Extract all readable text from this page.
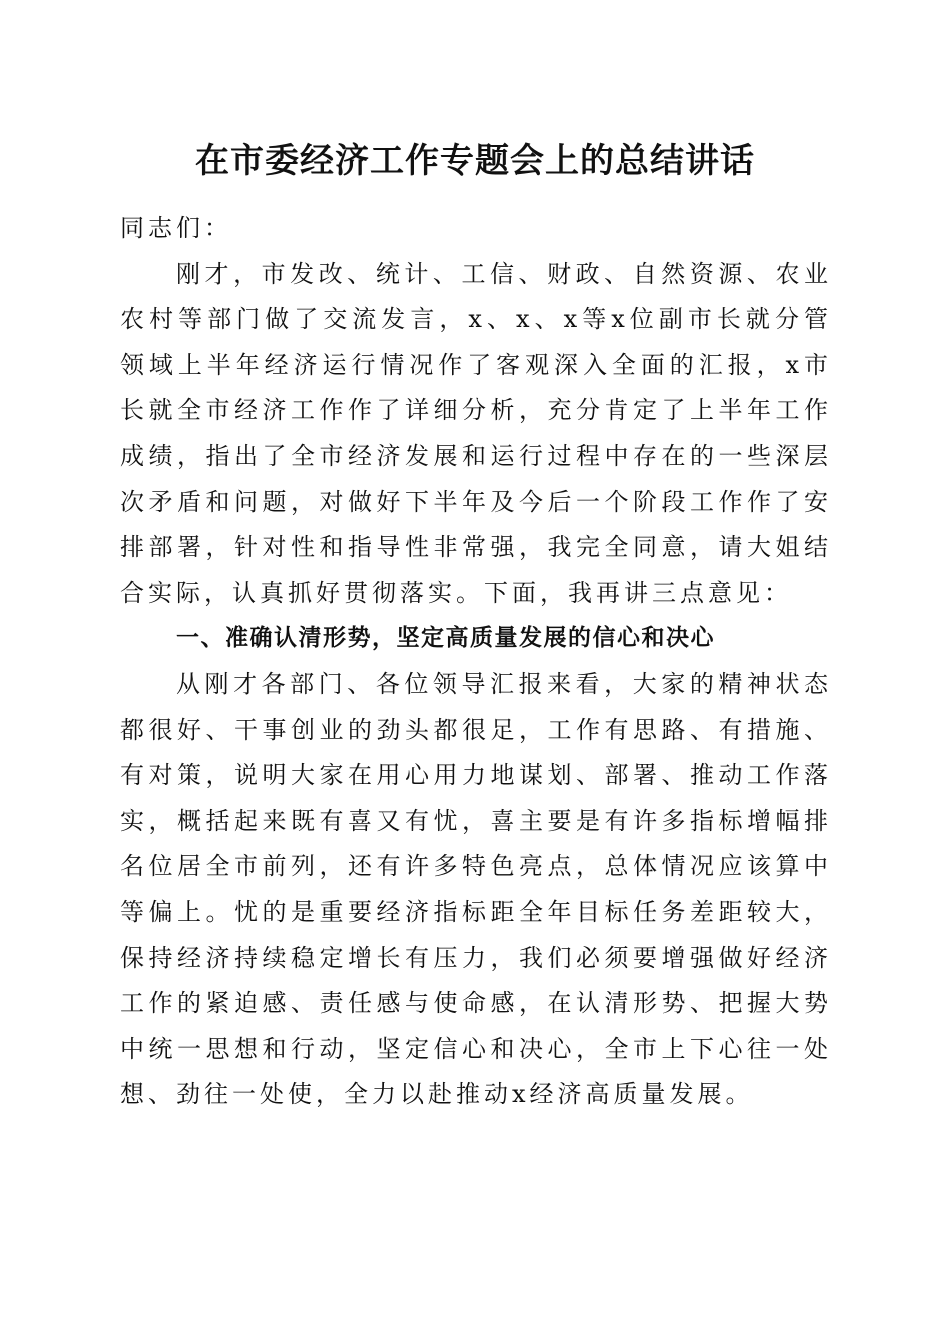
在市委经济工作专题会上的总结讲话

同志们：

刚才，市发改、统计、工信、财政、自然资源、农业农村等部门做了交流发言，x、x、x等x位副市长就分管领域上半年经济运行情况作了客观深入全面的汇报，x市长就全市经济工作作了详细分析，充分肯定了上半年工作成绩，指出了全市经济发展和运行过程中存在的一些深层次矛盾和问题，对做好下半年及今后一个阶段工作作了安排部署，针对性和指导性非常强，我完全同意，请大姐结合实际，认真抓好贯彻落实。下面，我再讲三点意见：

一、准确认清形势，坚定高质量发展的信心和决心

从刚才各部门、各位领导汇报来看，大家的精神状态都很好、干事创业的劲头都很足，工作有思路、有措施、有对策，说明大家在用心用力地谋划、部署、推动工作落实，概括起来既有喜又有忧，喜主要是有许多指标增幅排名位居全市前列，还有许多特色亮点，总体情况应该算中等偏上。忧的是重要经济指标距全年目标任务差距较大，保持经济持续稳定增长有压力，我们必须要增强做好经济工作的紧迫感、责任感与使命感，在认清形势、把握大势中统一思想和行动，坚定信心和决心，全市上下心往一处想、劲往一处使，全力以赴推动x经济高质量发展。
